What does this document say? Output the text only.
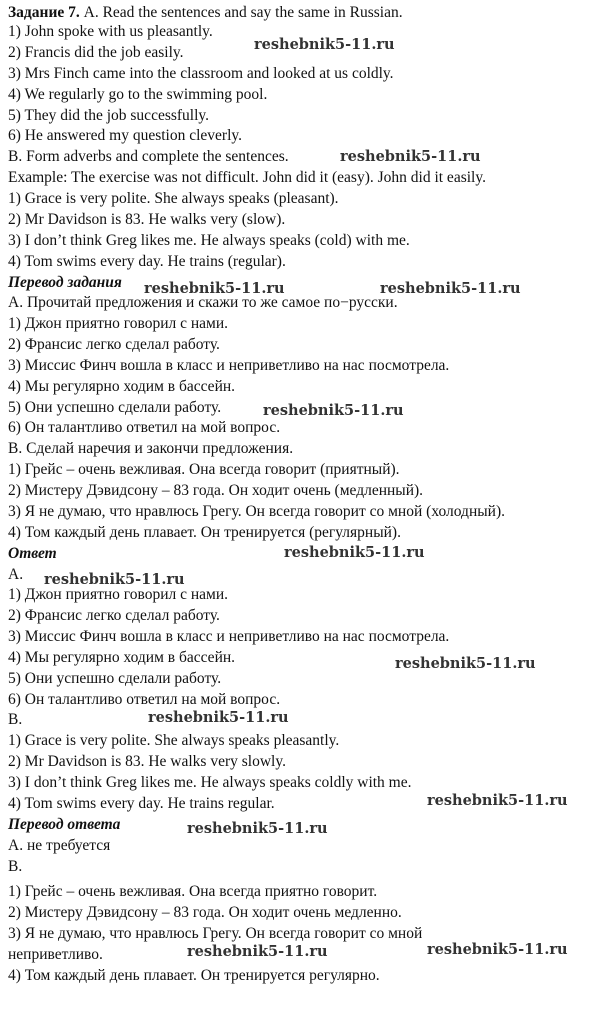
Задание 7. A. Read the sentences and say the same in Russian.
1) John spoke with us pleasantly.
2) Francis did the job easily.
3) Mrs Finch came into the classroom and looked at us coldly.
4) We regularly go to the swimming pool.
5) They did the job successfully.
6) He answered my question cleverly.
B. Form adverbs and complete the sentences.
Example: The exercise was not difficult. John did it (easy). John did it easily.
1) Grace is very polite. She always speaks (pleasant).
2) Mr Davidson is 83. He walks very (slow).
3) I don’t think Greg likes me. He always speaks (cold) with me.
4) Tom swims every day. He trains (regular).
Перевод задания
А. Прочитай предложения и скажи то же самое по−русски.
1) Джон приятно говорил с нами.
2) Франсис легко сделал работу.
3) Миссис Финч вошла в класс и неприветливо на нас посмотрела.
4) Мы регулярно ходим в бассейн.
5) Они успешно сделали работу.
6) Он талантливо ответил на мой вопрос.
В. Сделай наречия и закончи предложения.
1) Грейс – очень вежливая. Она всегда говорит (приятный).
2) Мистеру Дэвидсону – 83 года. Он ходит очень (медленный).
3) Я не думаю, что нравлюсь Грегу. Он всегда говорит со мной (холодный).
4) Том каждый день плавает. Он тренируется (регулярный).
Ответ
A.
1) Джон приятно говорил с нами.
2) Франсис легко сделал работу.
3) Миссис Финч вошла в класс и неприветливо на нас посмотрела.
4) Мы регулярно ходим в бассейн.
5) Они успешно сделали работу.
6) Он талантливо ответил на мой вопрос.
B.
1) Grace is very polite. She always speaks pleasantly.
2) Mr Davidson is 83. He walks very slowly.
3) I don’t think Greg likes me. He always speaks coldly with me.
4) Tom swims every day. He trains regular.
Перевод ответа
А. не требуется
В.
1) Грейс – очень вежливая. Она всегда приятно говорит.
2) Мистеру Дэвидсону – 83 года. Он ходит очень медленно.
3) Я не думаю, что нравлюсь Грегу. Он всегда говорит со мной
неприветливо.
4) Том каждый день плавает. Он тренируется регулярно.
reshebnik5-11.ru
reshebnik5-11.ru
reshebnik5-11.ru	reshebnik5-11.ru
reshebnik5-11.ru
reshebnik5-11.ru
reshebnik5-11.ru
reshebnik5-11.ru
reshebnik5-11.ru
reshebnik5-11.ru
reshebnik5-11.ru
reshebnik5-11.ru	reshebnik5-11.ru
